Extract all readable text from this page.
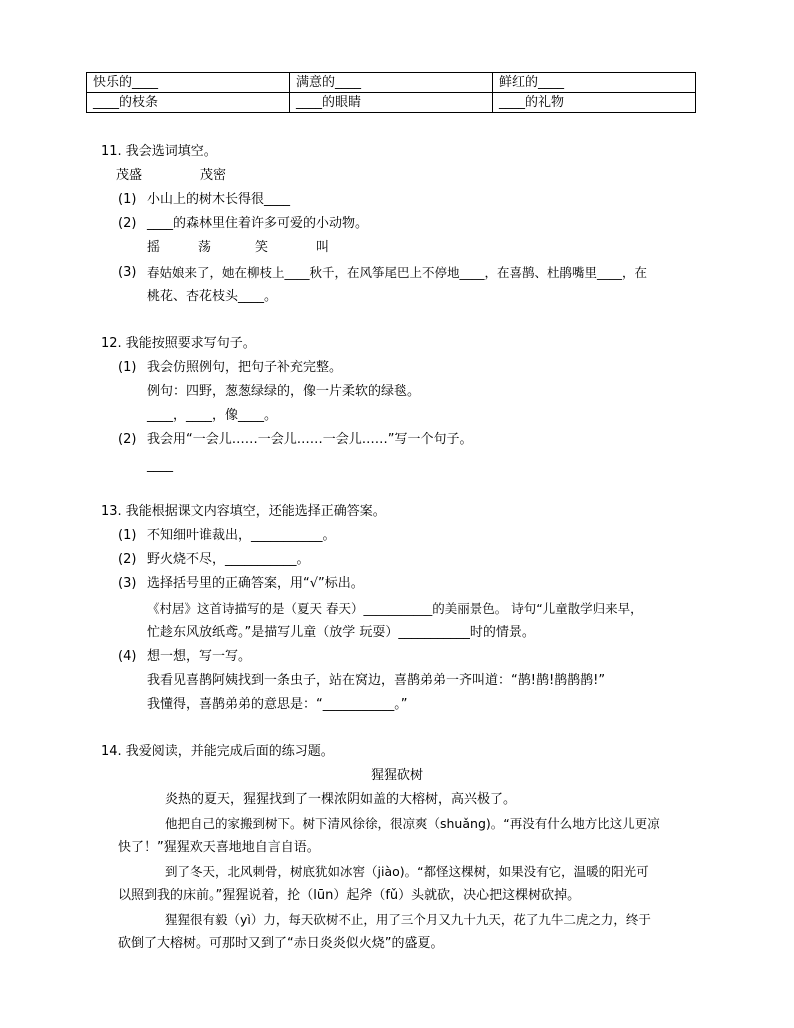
快乐的____	满意的____	鲜红的____
____的枝条	____的眼睛	____的礼物
11. 我会选词填空。
茂盛	茂密
(1) 小山上的树木长得很____
(2) ____的森林里住着许多可爱的小动物。
摇	荡	笑	叫
(3) 春姑娘来了，她在柳枝上____秋千，在风筝尾巴上不停地____，在喜鹊、杜鹃嘴里____，在
桃花、杏花枝头____。
12. 我能按照要求写句子。
(1) 我会仿照例句，把句子补充完整。
例句：四野，葱葱绿绿的，像一片柔软的绿毯。
____，____，像____。
(2) 我会用“一会儿……一会儿……一会儿……”写一个句子。
____
13. 我能根据课文内容填空，还能选择正确答案。
(1) 不知细叶谁裁出，___________。
(2) 野火烧不尽，___________。
(3) 选择括号里的正确答案，用“√”标出。
《村居》这首诗描写的是（夏天 春天）___________的美丽景色。 诗句“儿童散学归来早，
忙趁东风放纸鸢。”是描写儿童（放学 玩耍）___________时的情景。
(4) 想一想，写一写。
我看见喜鹊阿姨找到一条虫子，站在窝边，喜鹊弟弟一齐叫道：“鹊!鹊!鹊鹊鹊!”
我懂得，喜鹊弟弟的意思是：“___________。”
14. 我爱阅读，并能完成后面的练习题。
猩猩砍树
炎热的夏天，猩猩找到了一棵浓阴如盖的大榕树，高兴极了。
他把自己的家搬到树下。树下清风徐徐，很凉爽（shuǎng)。“再没有什么地方比这儿更凉
快了！”猩猩欢天喜地地自言自语。
到了冬天，北风刺骨，树底犹如冰窖（jiào)。“都怪这棵树，如果没有它，温暖的阳光可
以照到我的床前。”猩猩说着，抡（lūn）起斧（fǔ）头就砍，决心把这棵树砍掉。
猩猩很有毅（yì）力，每天砍树不止，用了三个月又九十九天，花了九牛二虎之力，终于
砍倒了大榕树。可那时又到了“赤日炎炎似火烧”的盛夏。
